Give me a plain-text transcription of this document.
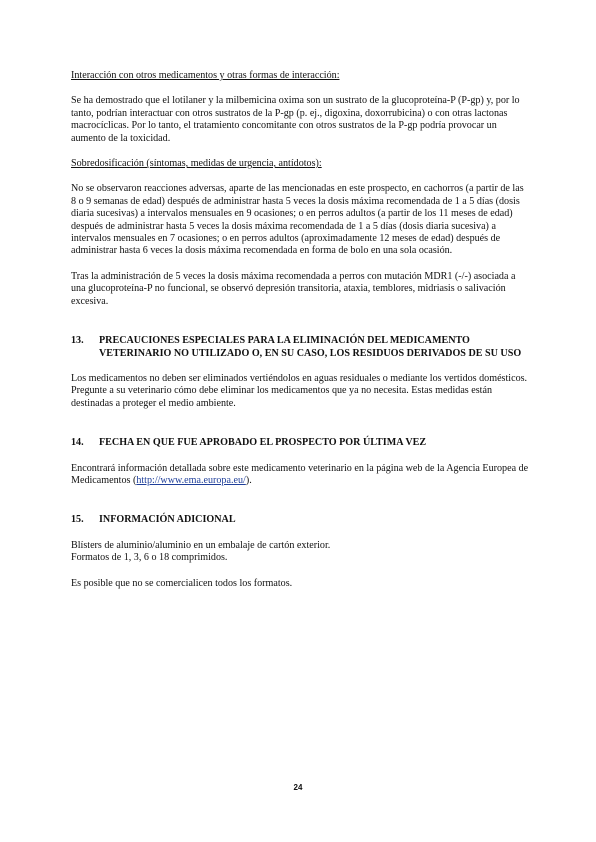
Interacción con otros medicamentos y otras formas de interacción:

Se ha demostrado que el lotilaner y la milbemicina oxima son un sustrato de la glucoproteína-P (P-gp) y, por lo tanto, podrían interactuar con otros sustratos de la P-gp (p. ej., digoxina, doxorrubicina) o con otras lactonas macrocíclicas. Por lo tanto, el tratamiento concomitante con otros sustratos de la P-gp podría provocar un aumento de la toxicidad.

Sobredosificación (síntomas, medidas de urgencia, antídotos):

No se observaron reacciones adversas, aparte de las mencionadas en este prospecto, en cachorros (a partir de las 8 o 9 semanas de edad) después de administrar hasta 5 veces la dosis máxima recomendada de 1 a 5 días (dosis diaria sucesivas) a intervalos mensuales en 9 ocasiones; o en perros adultos (a partir de los 11 meses de edad) después de administrar hasta 5 veces la dosis máxima recomendada de 1 a 5 días (dosis diaria sucesiva) a intervalos mensuales en 7 ocasiones; o en perros adultos (aproximadamente 12 meses de edad) después de administrar hasta 6 veces la dosis máxima recomendada en forma de bolo en una sola ocasión.

Tras la administración de 5 veces la dosis máxima recomendada a perros con mutación MDR1 (-/-) asociada a una glucoproteína-P no funcional, se observó depresión transitoria, ataxia, temblores, midriasis o salivación excesiva.

13.	PRECAUCIONES ESPECIALES PARA LA ELIMINACIÓN DEL MEDICAMENTO VETERINARIO NO UTILIZADO O, EN SU CASO, LOS RESIDUOS DERIVADOS DE SU USO

Los medicamentos no deben ser eliminados vertiéndolos en aguas residuales o mediante los vertidos domésticos. Pregunte a su veterinario cómo debe eliminar los medicamentos que ya no necesita. Estas medidas están destinadas a proteger el medio ambiente.

14.	FECHA EN QUE FUE APROBADO EL PROSPECTO POR ÚLTIMA VEZ

Encontrará información detallada sobre este medicamento veterinario en la página web de la Agencia Europea de Medicamentos (http://www.ema.europa.eu/).

15.	INFORMACIÓN ADICIONAL

Blísters de aluminio/aluminio en un embalaje de cartón exterior.

Formatos de 1, 3, 6 o 18 comprimidos.

Es posible que no se comercialicen todos los formatos.

24
